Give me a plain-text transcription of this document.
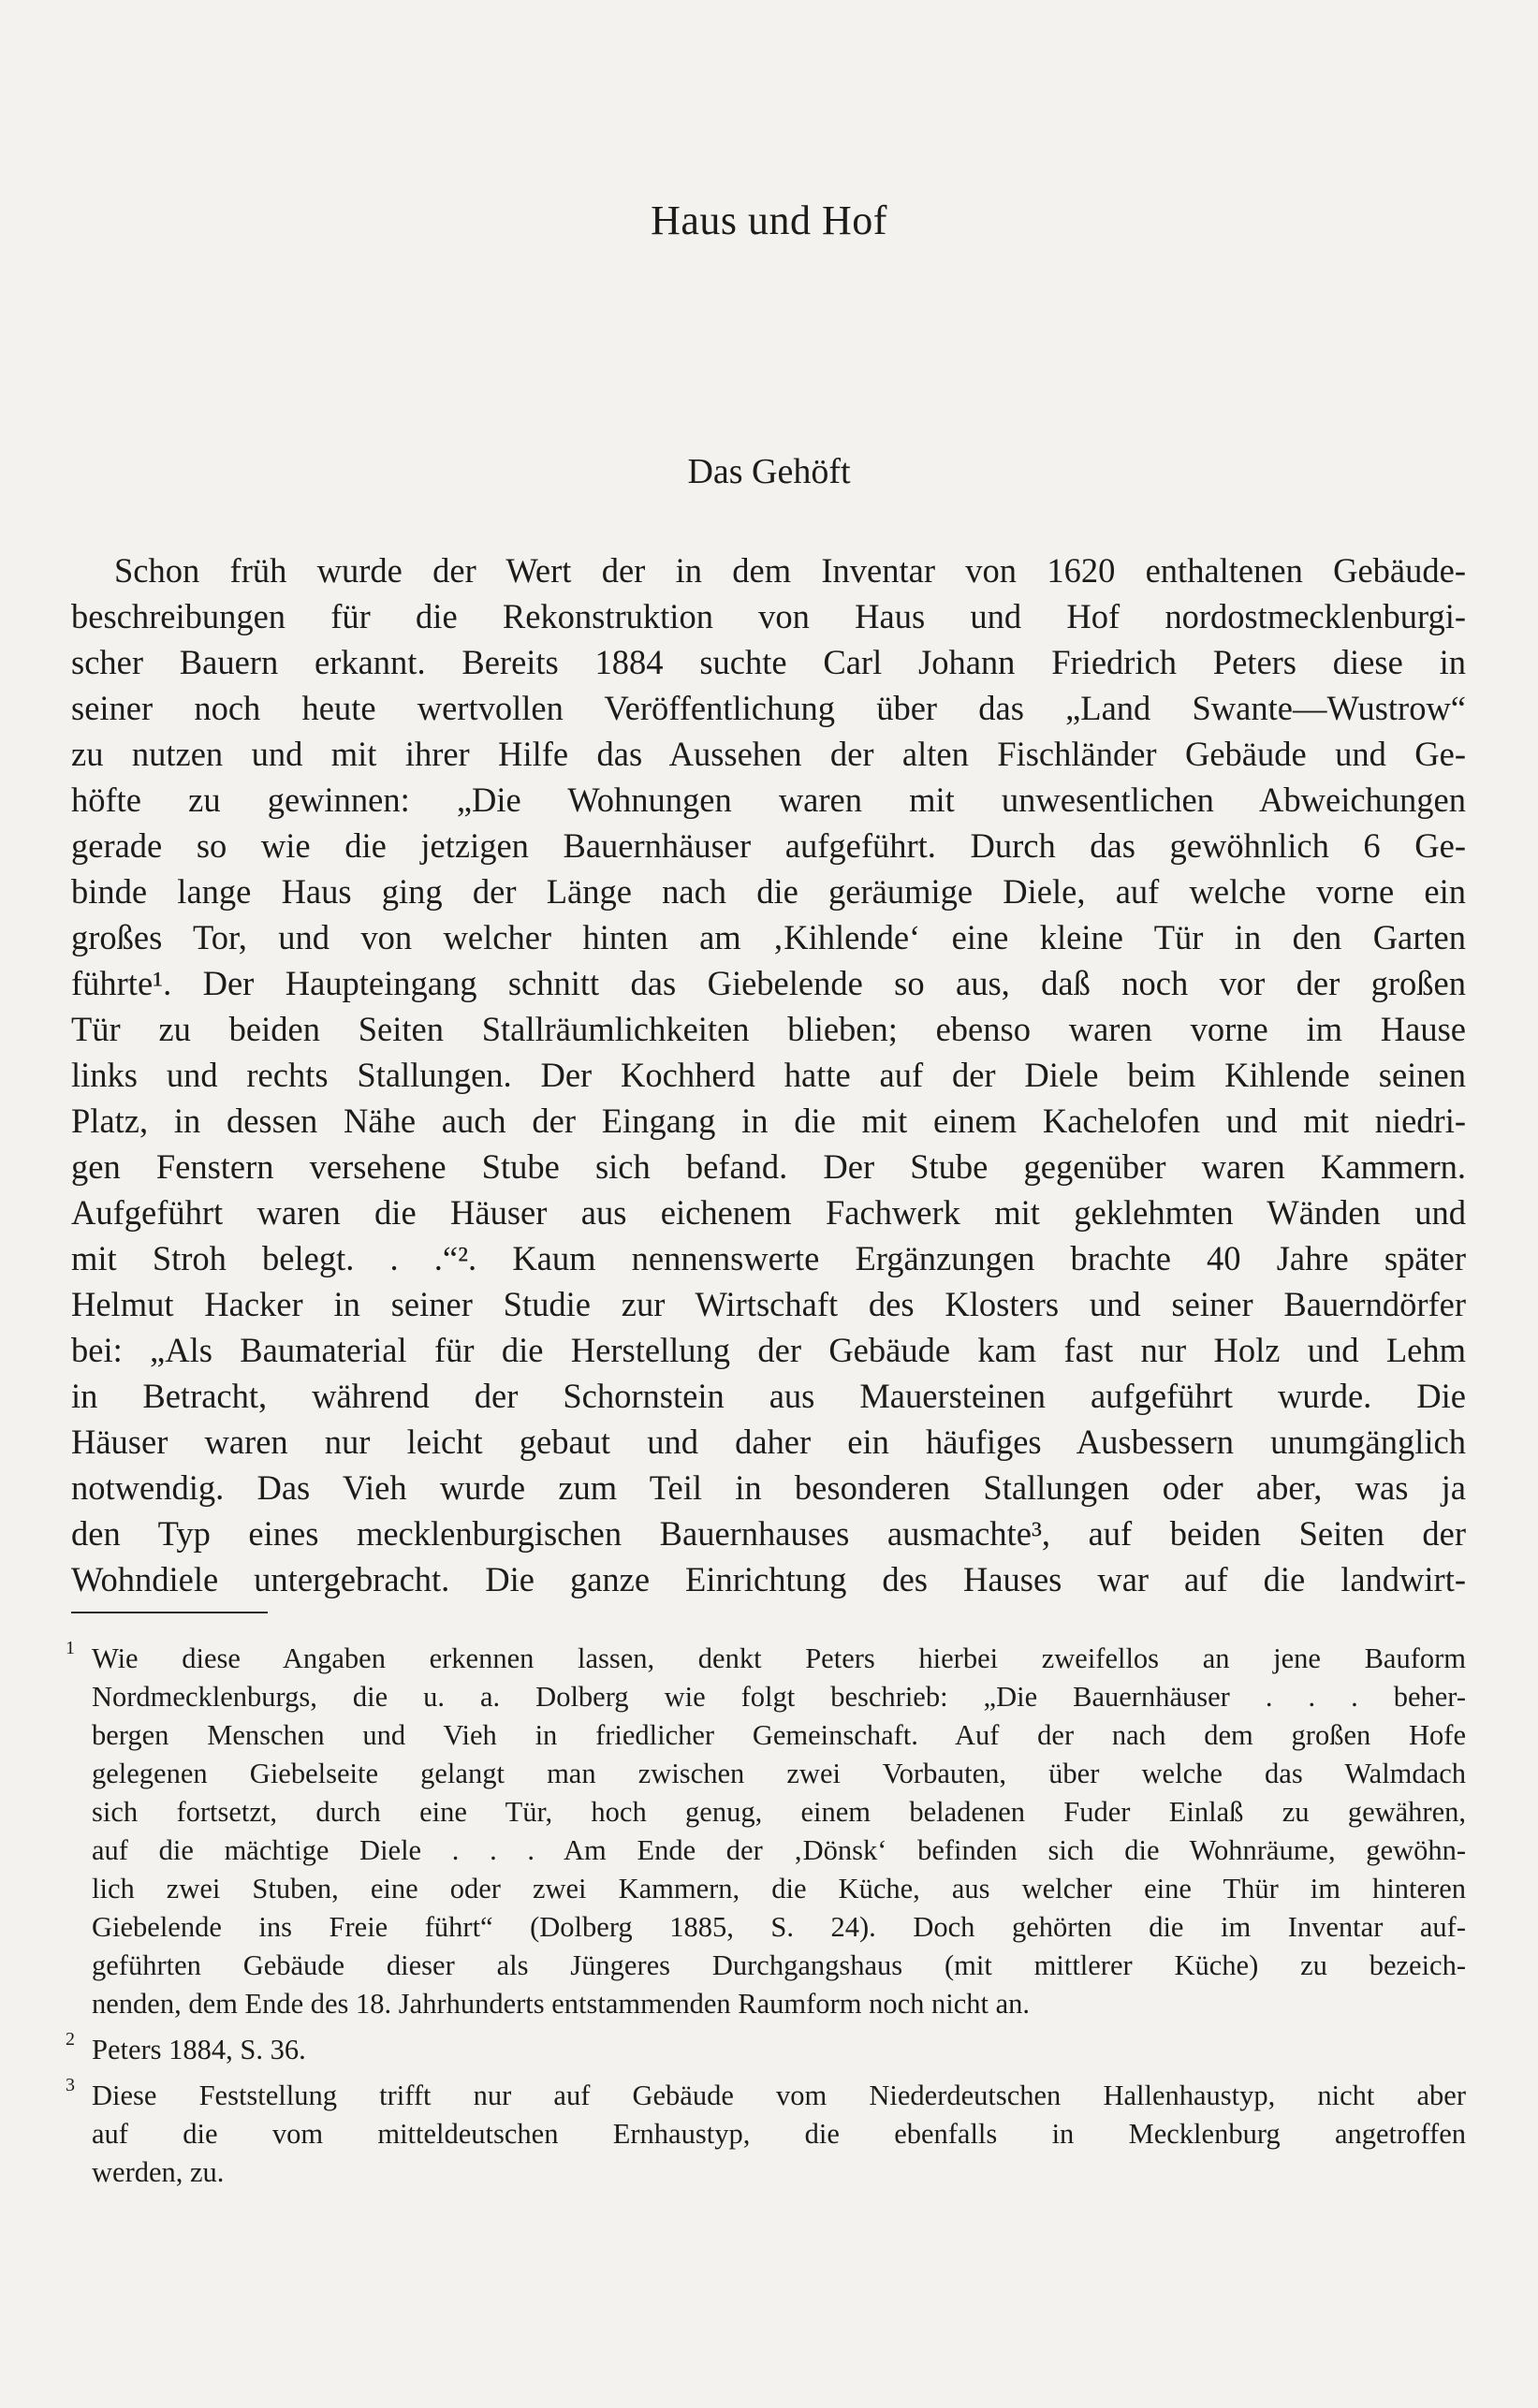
Haus und Hof
Das Gehöft
Schon früh wurde der Wert der in dem Inventar von 1620 enthaltenen Gebäude-
beschreibungen für die Rekonstruktion von Haus und Hof nordostmecklenburgi-
scher Bauern erkannt. Bereits 1884 suchte Carl Johann Friedrich Peters diese in
seiner noch heute wertvollen Veröffentlichung über das „Land Swante—Wustrow“
zu nutzen und mit ihrer Hilfe das Aussehen der alten Fischländer Gebäude und Ge-
höfte zu gewinnen: „Die Wohnungen waren mit unwesentlichen Abweichungen
gerade so wie die jetzigen Bauernhäuser aufgeführt. Durch das gewöhnlich 6 Ge-
binde lange Haus ging der Länge nach die geräumige Diele, auf welche vorne ein
großes Tor, und von welcher hinten am ‚Kihlende‘ eine kleine Tür in den Garten
führte¹. Der Haupteingang schnitt das Giebelende so aus, daß noch vor der großen
Tür zu beiden Seiten Stallräumlichkeiten blieben; ebenso waren vorne im Hause
links und rechts Stallungen. Der Kochherd hatte auf der Diele beim Kihlende seinen
Platz, in dessen Nähe auch der Eingang in die mit einem Kachelofen und mit niedri-
gen Fenstern versehene Stube sich befand. Der Stube gegenüber waren Kammern.
Aufgeführt waren die Häuser aus eichenem Fachwerk mit geklehmten Wänden und
mit Stroh belegt. . .“². Kaum nennenswerte Ergänzungen brachte 40 Jahre später
Helmut Hacker in seiner Studie zur Wirtschaft des Klosters und seiner Bauerndörfer
bei: „Als Baumaterial für die Herstellung der Gebäude kam fast nur Holz und Lehm
in Betracht, während der Schornstein aus Mauersteinen aufgeführt wurde. Die
Häuser waren nur leicht gebaut und daher ein häufiges Ausbessern unumgänglich
notwendig. Das Vieh wurde zum Teil in besonderen Stallungen oder aber, was ja
den Typ eines mecklenburgischen Bauernhauses ausmachte³, auf beiden Seiten der
Wohndiele untergebracht. Die ganze Einrichtung des Hauses war auf die landwirt-
1 Wie diese Angaben erkennen lassen, denkt Peters hierbei zweifellos an jene Bauform
Nordmecklenburgs, die u. a. Dolberg wie folgt beschrieb: „Die Bauernhäuser . . . beher-
bergen Menschen und Vieh in friedlicher Gemeinschaft. Auf der nach dem großen Hofe
gelegenen Giebelseite gelangt man zwischen zwei Vorbauten, über welche das Walmdach
sich fortsetzt, durch eine Tür, hoch genug, einem beladenen Fuder Einlaß zu gewähren,
auf die mächtige Diele . . . Am Ende der ‚Dönsk‘ befinden sich die Wohnräume, gewöhn-
lich zwei Stuben, eine oder zwei Kammern, die Küche, aus welcher eine Thür im hinteren
Giebelende ins Freie führt“ (Dolberg 1885, S. 24). Doch gehörten die im Inventar auf-
geführten Gebäude dieser als Jüngeres Durchgangshaus (mit mittlerer Küche) zu bezeich-
nenden, dem Ende des 18. Jahrhunderts entstammenden Raumform noch nicht an.
2 Peters 1884, S. 36.
3 Diese Feststellung trifft nur auf Gebäude vom Niederdeutschen Hallenhaustyp, nicht aber
auf die vom mitteldeutschen Ernhaustyp, die ebenfalls in Mecklenburg angetroffen
werden, zu.
